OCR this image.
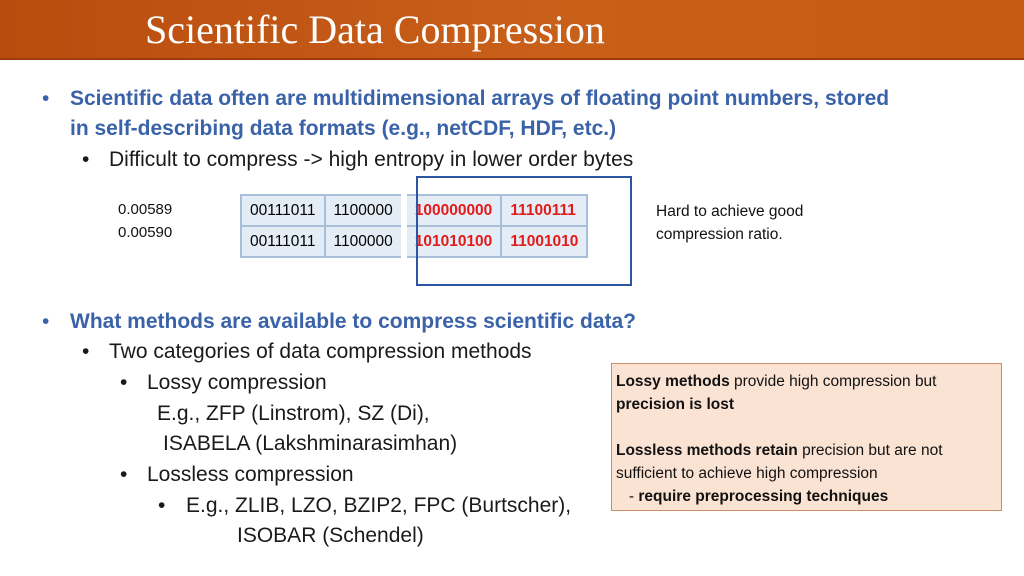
Scientific Data Compression
• Scientific data often are multidimensional arrays of floating point numbers, stored
in self-describing data formats (e.g., netCDF, HDF, etc.)
• Difficult to compress -> high entropy in lower order bytes
0.00589
0.00590
00111011	1100000	100000000	11100111
00111011	1100000	101010100	11001010
Hard to achieve good
compression ratio.
• What methods are available to compress scientific data?
• Two categories of data compression methods
• Lossy compression
E.g., ZFP (Linstrom), SZ (Di),
ISABELA (Lakshminarasimhan)
• Lossless compression
• E.g., ZLIB, LZO, BZIP2, FPC (Burtscher),
ISOBAR (Schendel)
Lossy methods provide high compression but
precision is lost
Lossless methods retain precision but are not
sufficient to achieve high compression
- require preprocessing techniques
